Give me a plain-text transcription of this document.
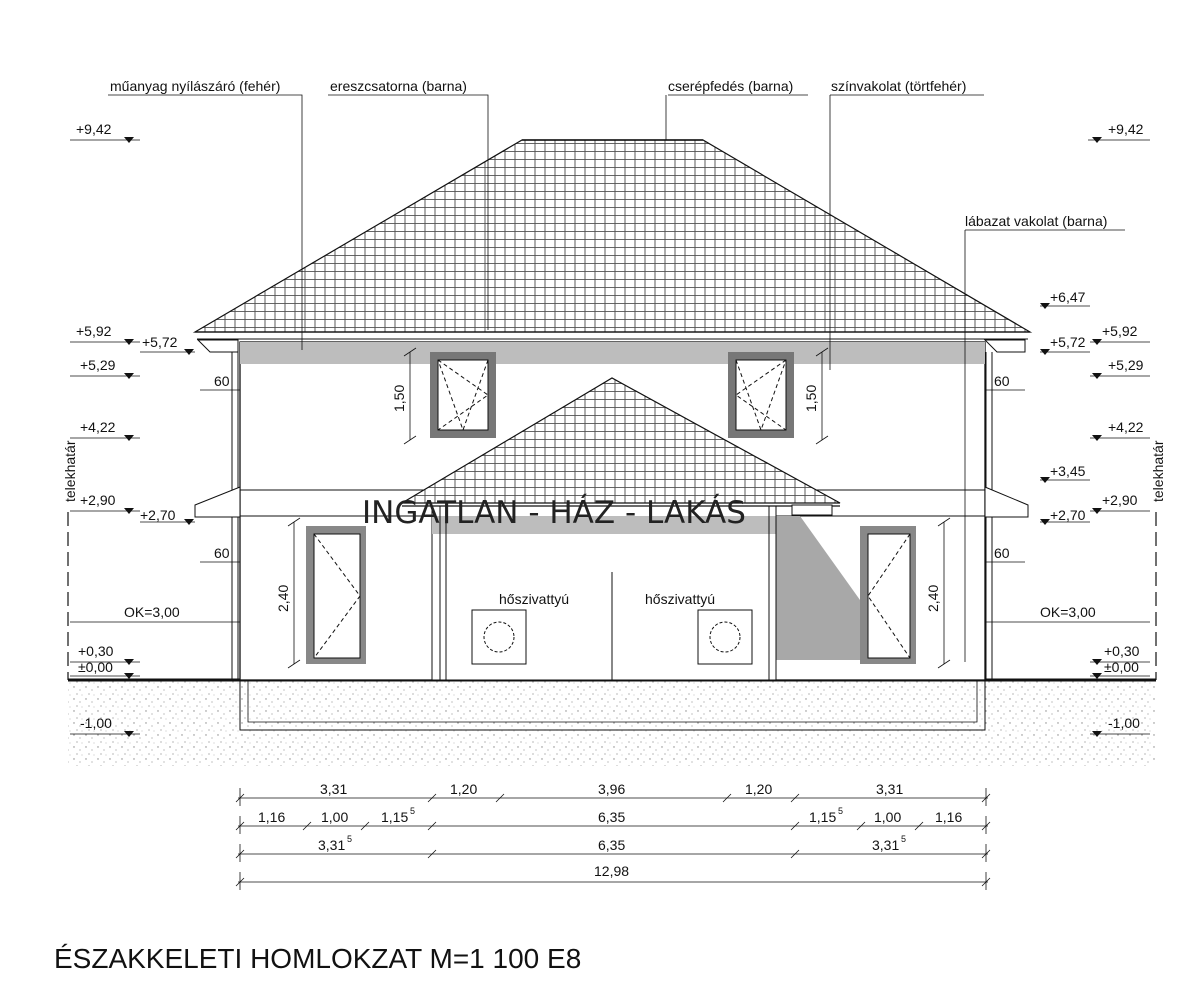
hőszivattyú	hőszivattyú
műanyag nyílászáró (fehér)	ereszcsatorna (barna)	cserépfedés (barna)	színvakolat (törtfehér)
lábazat vakolat (barna)
+9,42
+5,92
+5,72
+5,29
+4,22
+2,90
+2,70
OK=3,00
+0,30
±0,00
-1,00
+9,42
+6,47
+5,92
+5,72
+5,29
+4,22
+3,45
+2,90
+2,70
OK=3,00
+0,30
±0,00
-1,00
telekhatár	telekhatár
60
60
60
60
1,50	1,50
2,40	2,40
3,31	1,20	3,96	1,20	3,31
1,16	1,00 1,15 5	6,35	1,15 5 1,00 1,16
3,31 5	6,35	3,31 5
12,98
INGATLAN - HÁZ - LAKÁS
ÉSZAKKELETI HOMLOKZAT M=1 100 E8
